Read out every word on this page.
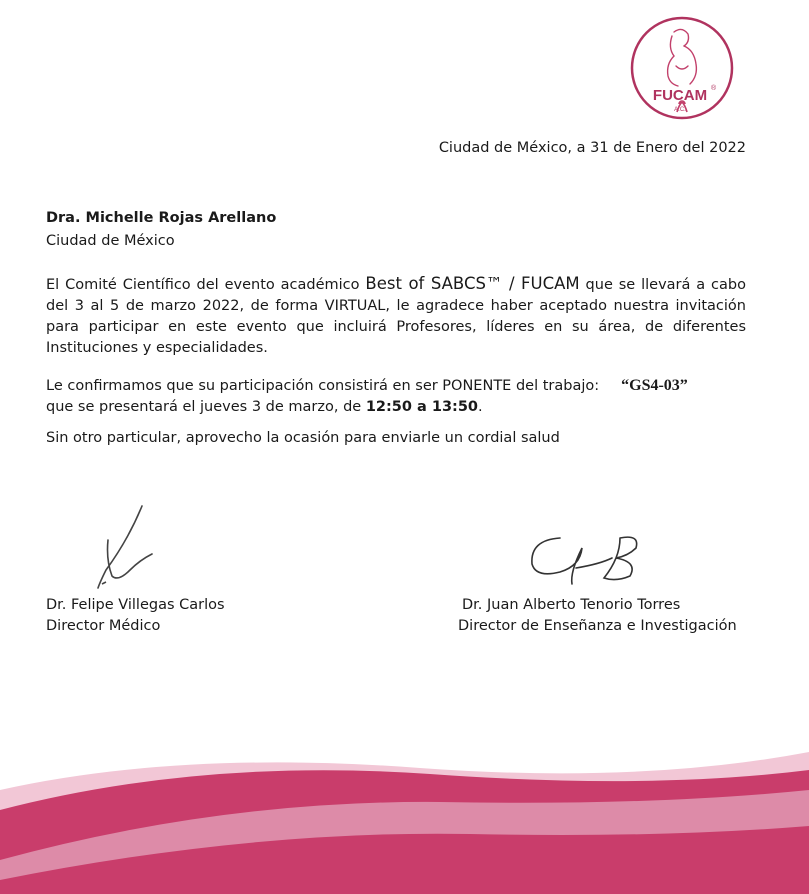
FUCAM ®
A.C.
Ciudad de México, a 31 de Enero del 2022
Dra. Michelle Rojas Arellano
Ciudad de México
El Comité Científico del evento académico Best of SABCS™ / FUCAM que se llevará a cabo del 3 al 5 de marzo 2022, de forma VIRTUAL, le agradece haber aceptado nuestra invitación para participar en este evento que incluirá Profesores, líderes en su área, de diferentes Instituciones y especialidades.
Le confirmamos que su participación consistirá en ser PONENTE del trabajo: “GS4-03”
que se presentará el jueves 3 de marzo, de 12:50 a 13:50.
Sin otro particular, aprovecho la ocasión para enviarle un cordial salud
Dr. Felipe Villegas Carlos
Director Médico
Dr. Juan Alberto Tenorio Torres
Director de Enseñanza e Investigación
